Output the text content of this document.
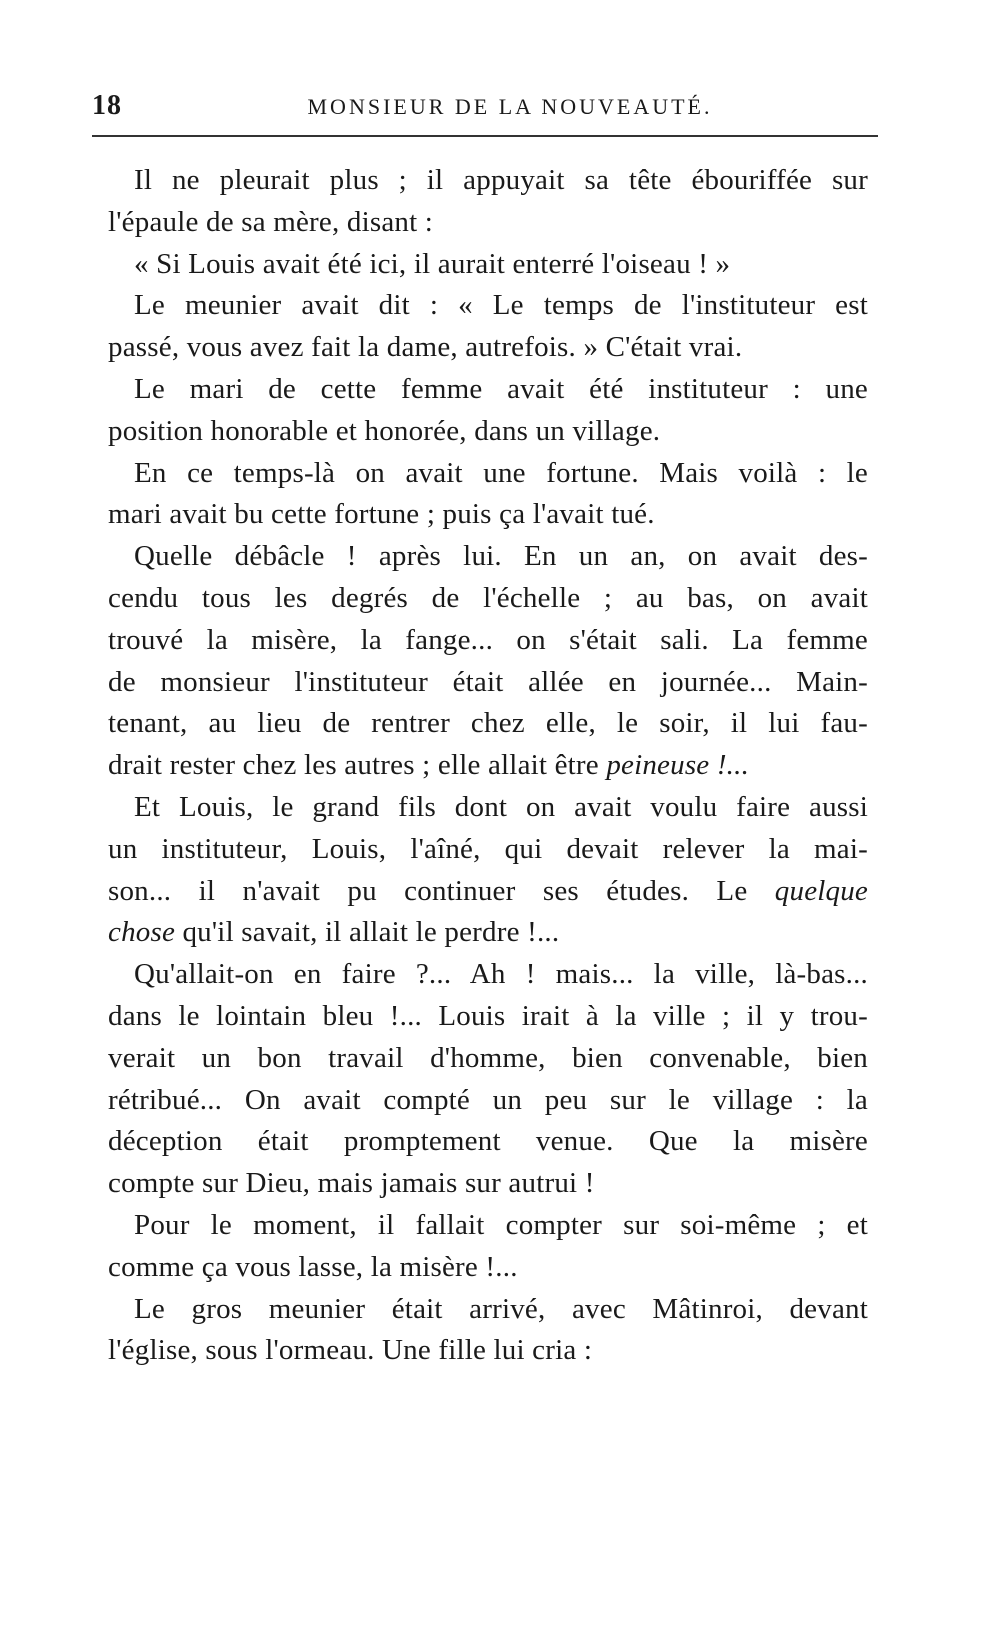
18	MONSIEUR DE LA NOUVEAUTÉ.
Il ne pleurait plus ; il appuyait sa tête ébouriffée sur
l'épaule de sa mère, disant :
« Si Louis avait été ici, il aurait enterré l'oiseau ! »
Le meunier avait dit : « Le temps de l'instituteur est
passé, vous avez fait la dame, autrefois. » C'était vrai.
Le mari de cette femme avait été instituteur : une
position honorable et honorée, dans un village.
En ce temps-là on avait une fortune. Mais voilà : le
mari avait bu cette fortune ; puis ça l'avait tué.
Quelle débâcle ! après lui. En un an, on avait des-
cendu tous les degrés de l'échelle ; au bas, on avait
trouvé la misère, la fange... on s'était sali. La femme
de monsieur l'instituteur était allée en journée... Main-
tenant, au lieu de rentrer chez elle, le soir, il lui fau-
drait rester chez les autres ; elle allait être peineuse !...
Et Louis, le grand fils dont on avait voulu faire aussi
un instituteur, Louis, l'aîné, qui devait relever la mai-
son... il n'avait pu continuer ses études. Le quelque
chose qu'il savait, il allait le perdre !...
Qu'allait-on en faire ?... Ah ! mais... la ville, là-bas...
dans le lointain bleu !... Louis irait à la ville ; il y trou-
verait un bon travail d'homme, bien convenable, bien
rétribué... On avait compté un peu sur le village : la
déception était promptement venue. Que la misère
compte sur Dieu, mais jamais sur autrui !
Pour le moment, il fallait compter sur soi-même ; et
comme ça vous lasse, la misère !...
Le gros meunier était arrivé, avec Mâtinroi, devant
l'église, sous l'ormeau. Une fille lui cria :
